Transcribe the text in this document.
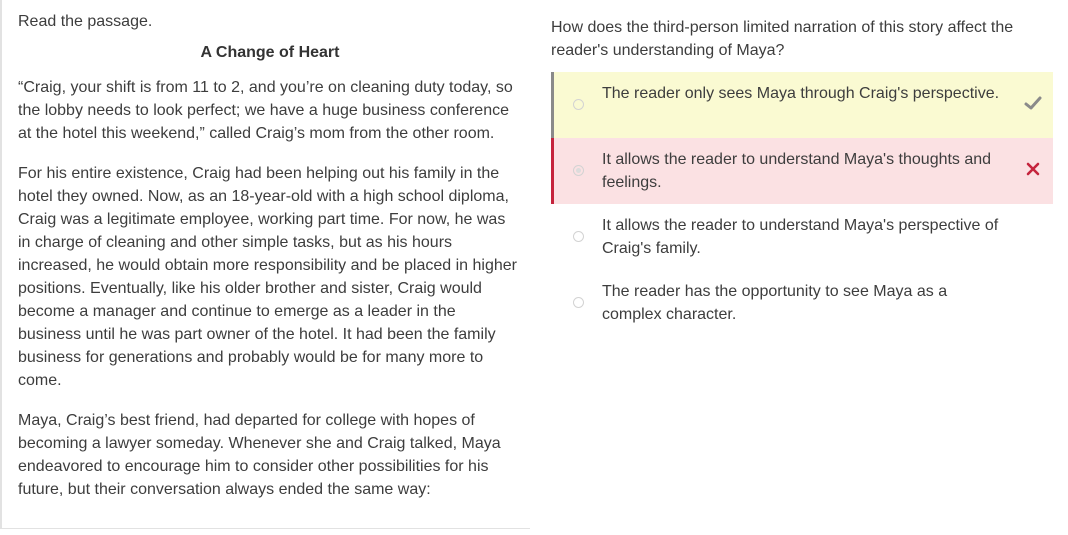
Read the passage.

A Change of Heart

“Craig, your shift is from 11 to 2, and you’re on cleaning duty today, so the lobby needs to look perfect; we have a huge business conference at the hotel this weekend,” called Craig’s mom from the other room.

For his entire existence, Craig had been helping out his family in the hotel they owned. Now, as an 18-year-old with a high school diploma, Craig was a legitimate employee, working part time. For now, he was in charge of cleaning and other simple tasks, but as his hours increased, he would obtain more responsibility and be placed in higher positions. Eventually, like his older brother and sister, Craig would become a manager and continue to emerge as a leader in the business until he was part owner of the hotel. It had been the family business for generations and probably would be for many more to come.

Maya, Craig’s best friend, had departed for college with hopes of becoming a lawyer someday. Whenever she and Craig talked, Maya endeavored to encourage him to consider other possibilities for his future, but their conversation always ended the same way:

How does the third-person limited narration of this story affect the reader's understanding of Maya?

The reader only sees Maya through Craig's perspective.
It allows the reader to understand Maya's thoughts and feelings.
It allows the reader to understand Maya's perspective of Craig's family.
The reader has the opportunity to see Maya as a complex character.
